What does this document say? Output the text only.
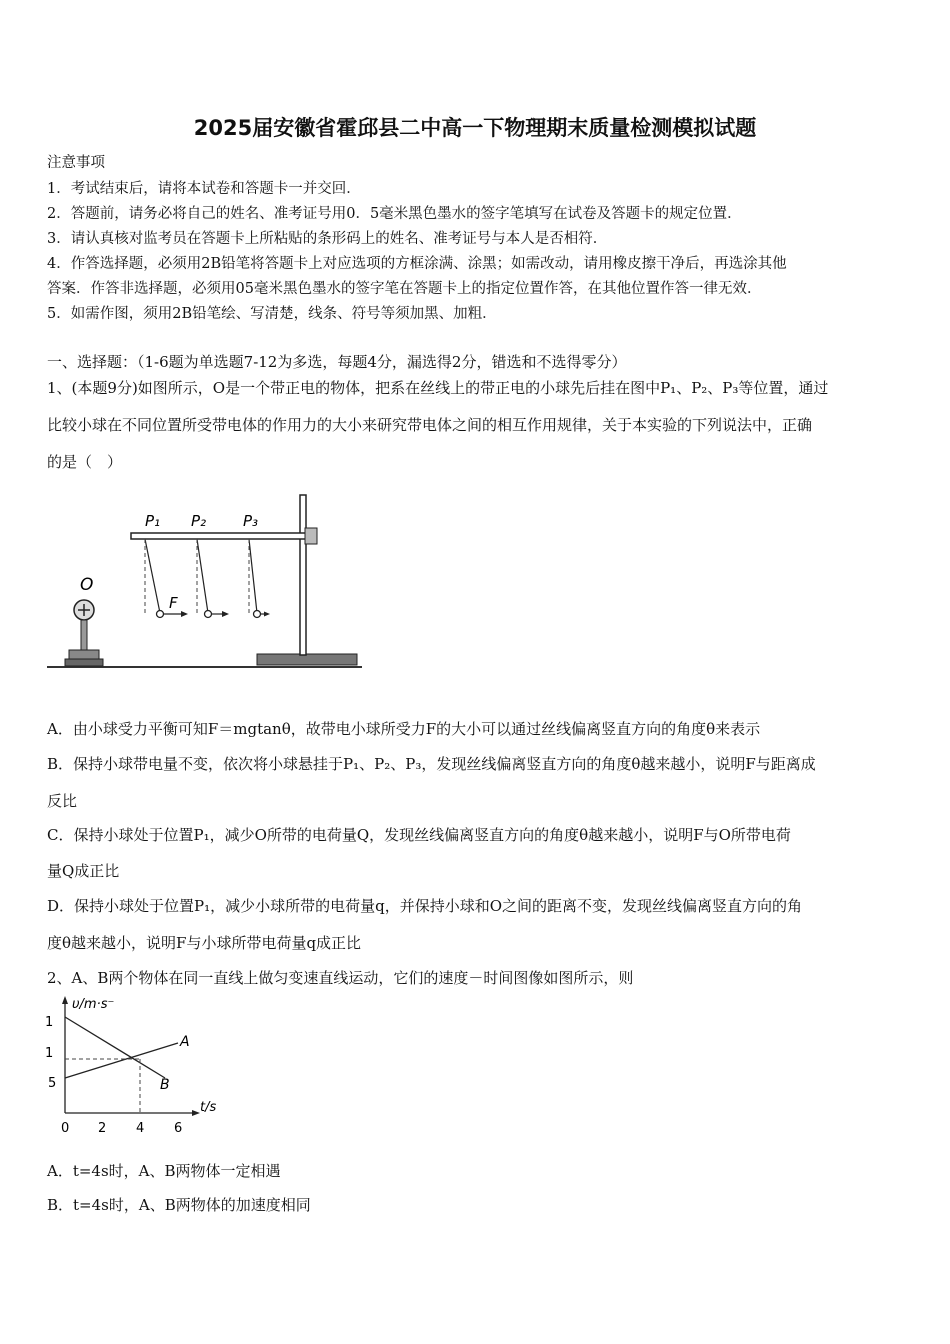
2025届安徽省霍邱县二中高一下物理期末质量检测模拟试题
注意事项
1．考试结束后，请将本试卷和答题卡一并交回．
2．答题前，请务必将自己的姓名、准考证号用0．5毫米黑色墨水的签字笔填写在试卷及答题卡的规定位置．
3．请认真核对监考员在答题卡上所粘贴的条形码上的姓名、准考证号与本人是否相符．
4．作答选择题，必须用2B铅笔将答题卡上对应选项的方框涂满、涂黑；如需改动，请用橡皮擦干净后，再选涂其他
答案．作答非选择题，必须用05毫米黑色墨水的签字笔在答题卡上的指定位置作答，在其他位置作答一律无效．
5．如需作图，须用2B铅笔绘、写清楚，线条、符号等须加黑、加粗．
一、选择题：（1-6题为单选题7-12为多选，每题4分，漏选得2分，错选和不选得零分）
1、(本题9分)如图所示，O是一个带正电的物体，把系在丝线上的带正电的小球先后挂在图中P₁、P₂、P₃等位置，通过
比较小球在不同位置所受带电体的作用力的大小来研究带电体之间的相互作用规律，关于本实验的下列说法中，正确
的是（　）
P₁ P₂ P₃
F
O
A．由小球受力平衡可知F＝mgtanθ，故带电小球所受力F的大小可以通过丝线偏离竖直方向的角度θ来表示
B．保持小球带电量不变，依次将小球悬挂于P₁、P₂、P₃，发现丝线偏离竖直方向的角度θ越来越小，说明F与距离成
反比
C．保持小球处于位置P₁，减少O所带的电荷量Q，发现丝线偏离竖直方向的角度θ越来越小，说明F与O所带电荷
量Q成正比
D．保持小球处于位置P₁，减少小球所带的电荷量q，并保持小球和O之间的距离不变，发现丝线偏离竖直方向的角
度θ越来越小，说明F与小球所带电荷量q成正比
2、A、B两个物体在同一直线上做匀变速直线运动，它们的速度－时间图像如图所示，则
υ/m·s⁻
t/s
1
1
5
0 2 4 6
A
B
A．t=4s时，A、B两物体一定相遇
B．t=4s时，A、B两物体的加速度相同
